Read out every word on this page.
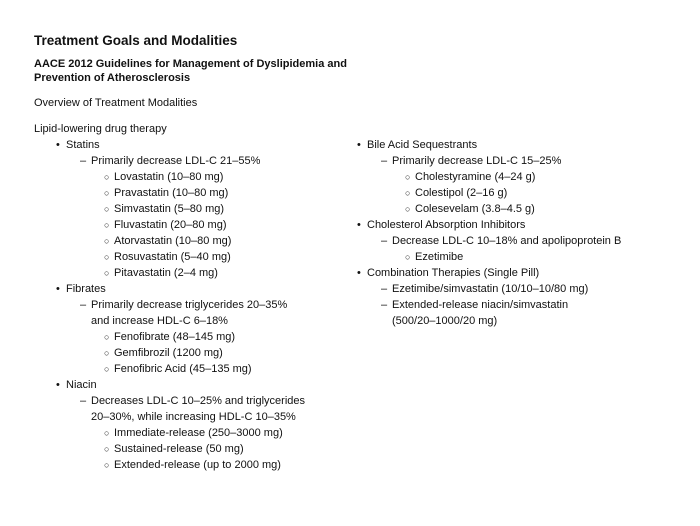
Treatment Goals and Modalities
AACE 2012 Guidelines for Management of Dyslipidemia and
Prevention of Atherosclerosis
Overview of Treatment Modalities
Lipid-lowering drug therapy
• Statins
– Primarily decrease LDL-C 21–55%
○ Lovastatin (10–80 mg)
○ Pravastatin (10–80 mg)
○ Simvastatin (5–80 mg)
○ Fluvastatin (20–80 mg)
○ Atorvastatin (10–80 mg)
○ Rosuvastatin (5–40 mg)
○ Pitavastatin (2–4 mg)
• Fibrates
– Primarily decrease triglycerides 20–35%
and increase HDL-C 6–18%
○ Fenofibrate (48–145 mg)
○ Gemfibrozil (1200 mg)
○ Fenofibric Acid (45–135 mg)
• Niacin
– Decreases LDL-C 10–25% and triglycerides
20–30%, while increasing HDL-C 10–35%
○ Immediate-release (250–3000 mg)
○ Sustained-release (50 mg)
○ Extended-release (up to 2000 mg)
• Bile Acid Sequestrants
– Primarily decrease LDL-C 15–25%
○ Cholestyramine (4–24 g)
○ Colestipol (2–16 g)
○ Colesevelam (3.8–4.5 g)
• Cholesterol Absorption Inhibitors
– Decrease LDL-C 10–18% and apolipoprotein B
○ Ezetimibe
• Combination Therapies (Single Pill)
– Ezetimibe/simvastatin (10/10–10/80 mg)
– Extended-release niacin/simvastatin
(500/20–1000/20 mg)
